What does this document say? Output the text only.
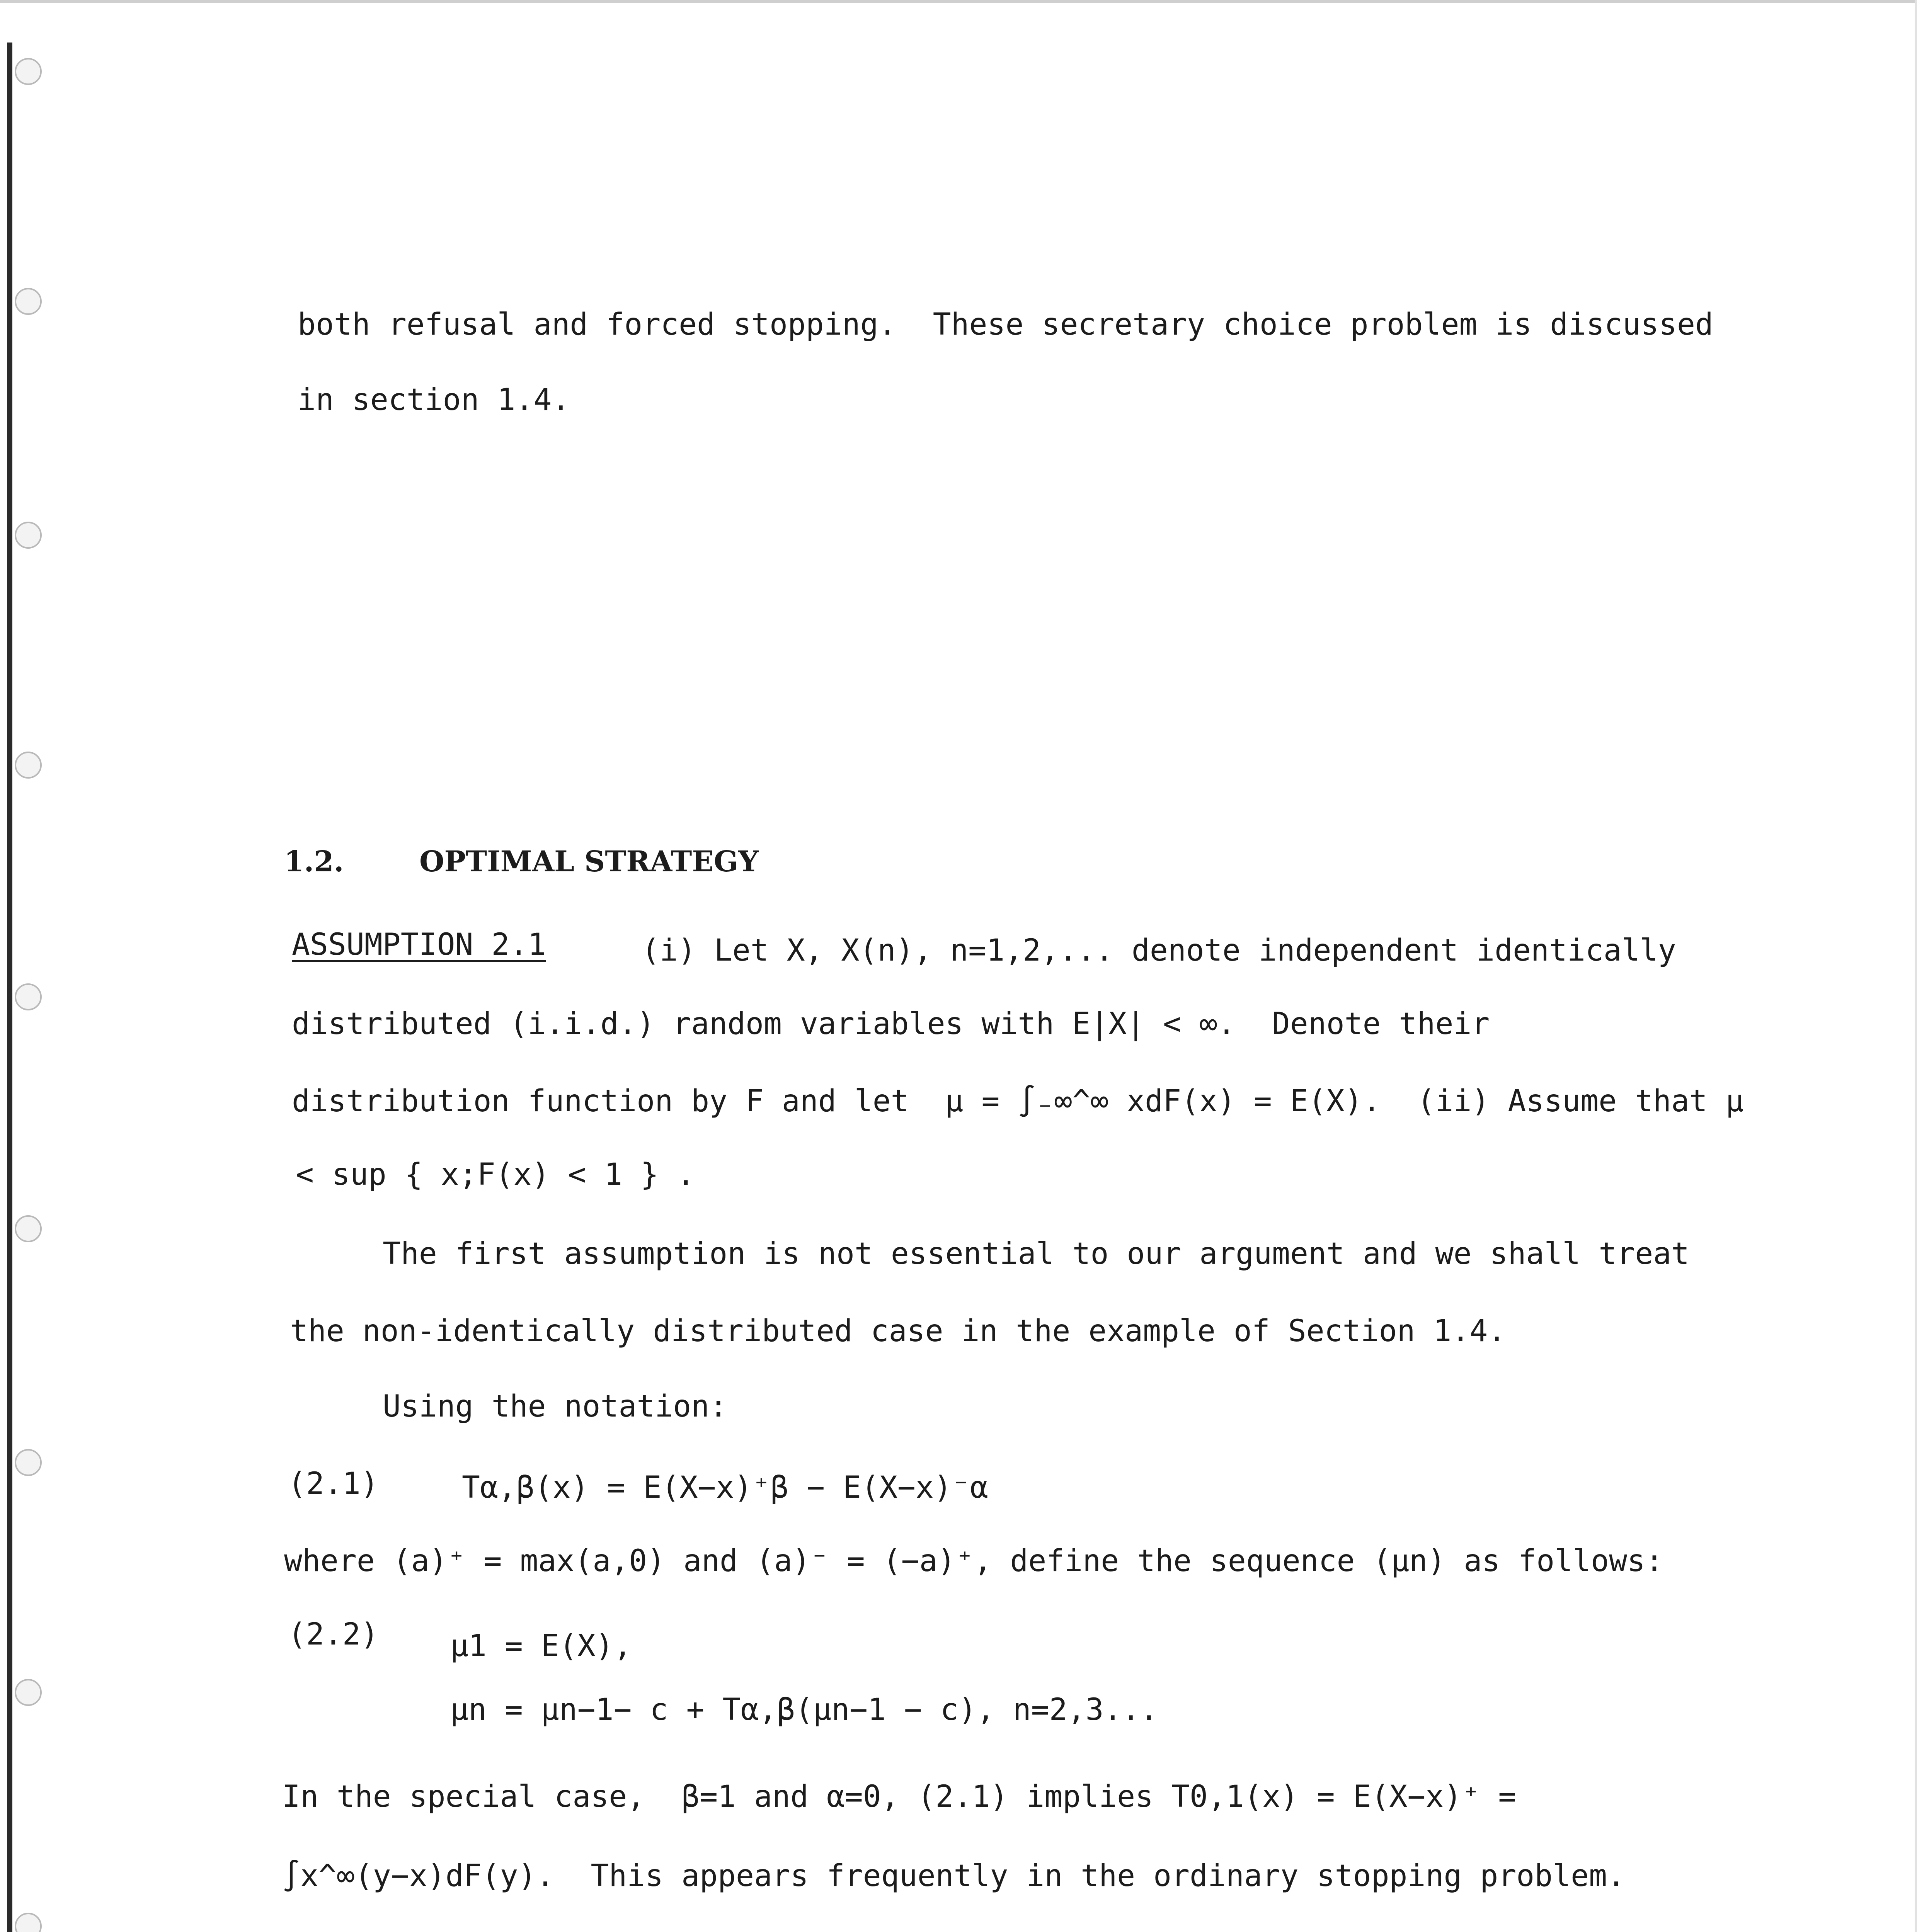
both refusal and forced stopping.  These secretary choice problem is discussed
in section 1.4.
1.2.	OPTIMAL STRATEGY
ASSUMPTION 2.1	(i) Let X, X(n), n=1,2,... denote independent identically
distributed (i.i.d.) random variables with E|X| < ∞.  Denote their
distribution function by F and let  μ = ∫₋∞^∞ xdF(x) = E(X).  (ii) Assume that μ
< sup { x;F(x) < 1 } .
The first assumption is not essential to our argument and we shall treat
the non-identically distributed case in the example of Section 1.4.
Using the notation:
(2.1)	Tα,β(x) = E(X−x)⁺β − E(X−x)⁻α
where (a)⁺ = max(a,0) and (a)⁻ = (−a)⁺, define the sequence (μn) as follows:
(2.2) μ1 = E(X),
μn = μn−1− c + Tα,β(μn−1 − c), n=2,3...
In the special case,  β=1 and α=0, (2.1) implies T0,1(x) = E(X−x)⁺ =
∫x^∞(y−x)dF(y).  This appears frequently in the ordinary stopping problem.
